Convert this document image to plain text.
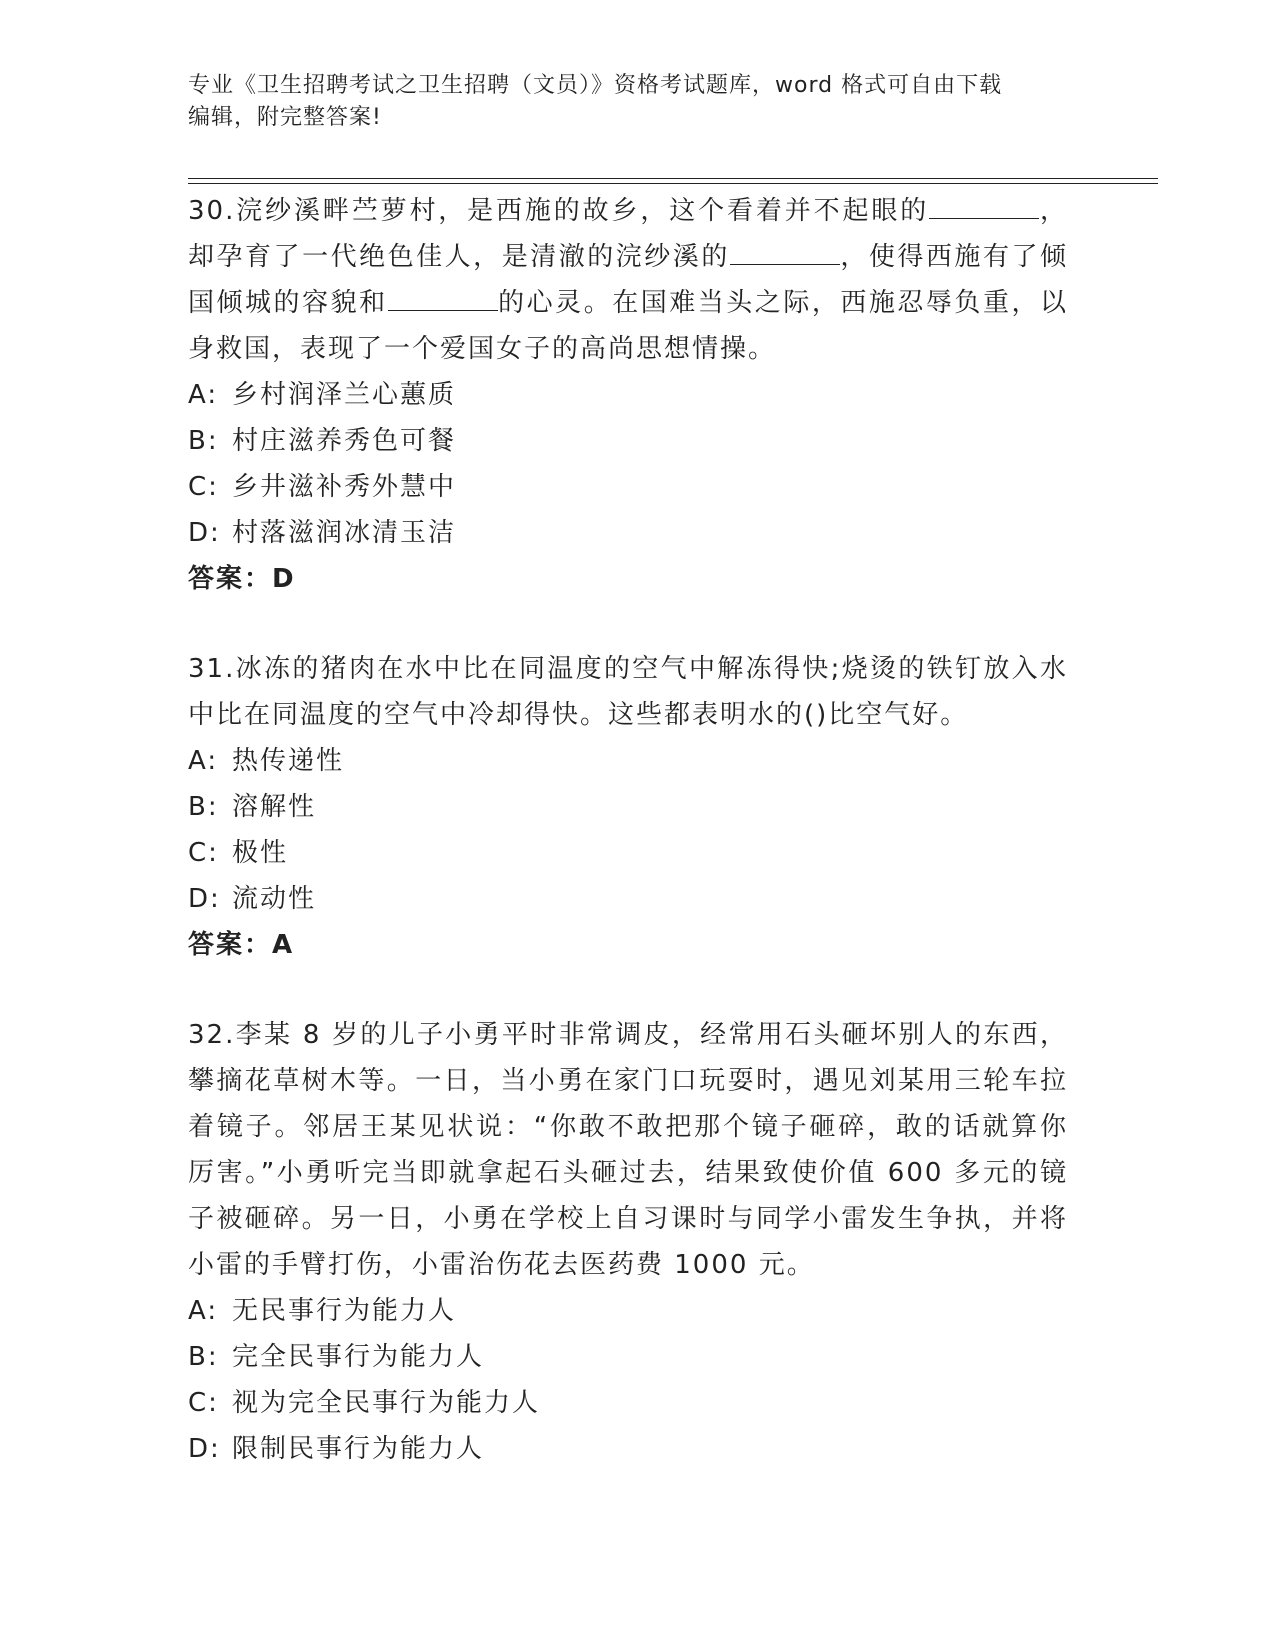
专业《卫生招聘考试之卫生招聘（文员）》资格考试题库，word 格式可自由下载
编辑，附完整答案!
30.浣纱溪畔苎萝村，是西施的故乡，这个看着并不起眼的	，却孕育了一代绝色佳人，是清澈的浣纱溪的	，使得西施有了倾国倾城的容貌和	的心灵。在国难当头之际，西施忍辱负重，以身救国，表现了一个爱国女子的高尚思想情操。
A: 乡村润泽兰心蕙质
B: 村庄滋养秀色可餐
C: 乡井滋补秀外慧中
D: 村落滋润冰清玉洁
答案：D
31.冰冻的猪肉在水中比在同温度的空气中解冻得快;烧烫的铁钉放入水中比在同温度的空气中冷却得快。这些都表明水的()比空气好。
A: 热传递性
B: 溶解性
C: 极性
D: 流动性
答案：A
32.李某 8 岁的儿子小勇平时非常调皮，经常用石头砸坏别人的东西，攀摘花草树木等。一日，当小勇在家门口玩耍时，遇见刘某用三轮车拉着镜子。邻居王某见状说：“你敢不敢把那个镜子砸碎，敢的话就算你厉害。”小勇听完当即就拿起石头砸过去，结果致使价值 600 多元的镜子被砸碎。另一日，小勇在学校上自习课时与同学小雷发生争执，并将小雷的手臂打伤，小雷治伤花去医药费 1000 元。
A: 无民事行为能力人
B: 完全民事行为能力人
C: 视为完全民事行为能力人
D: 限制民事行为能力人
